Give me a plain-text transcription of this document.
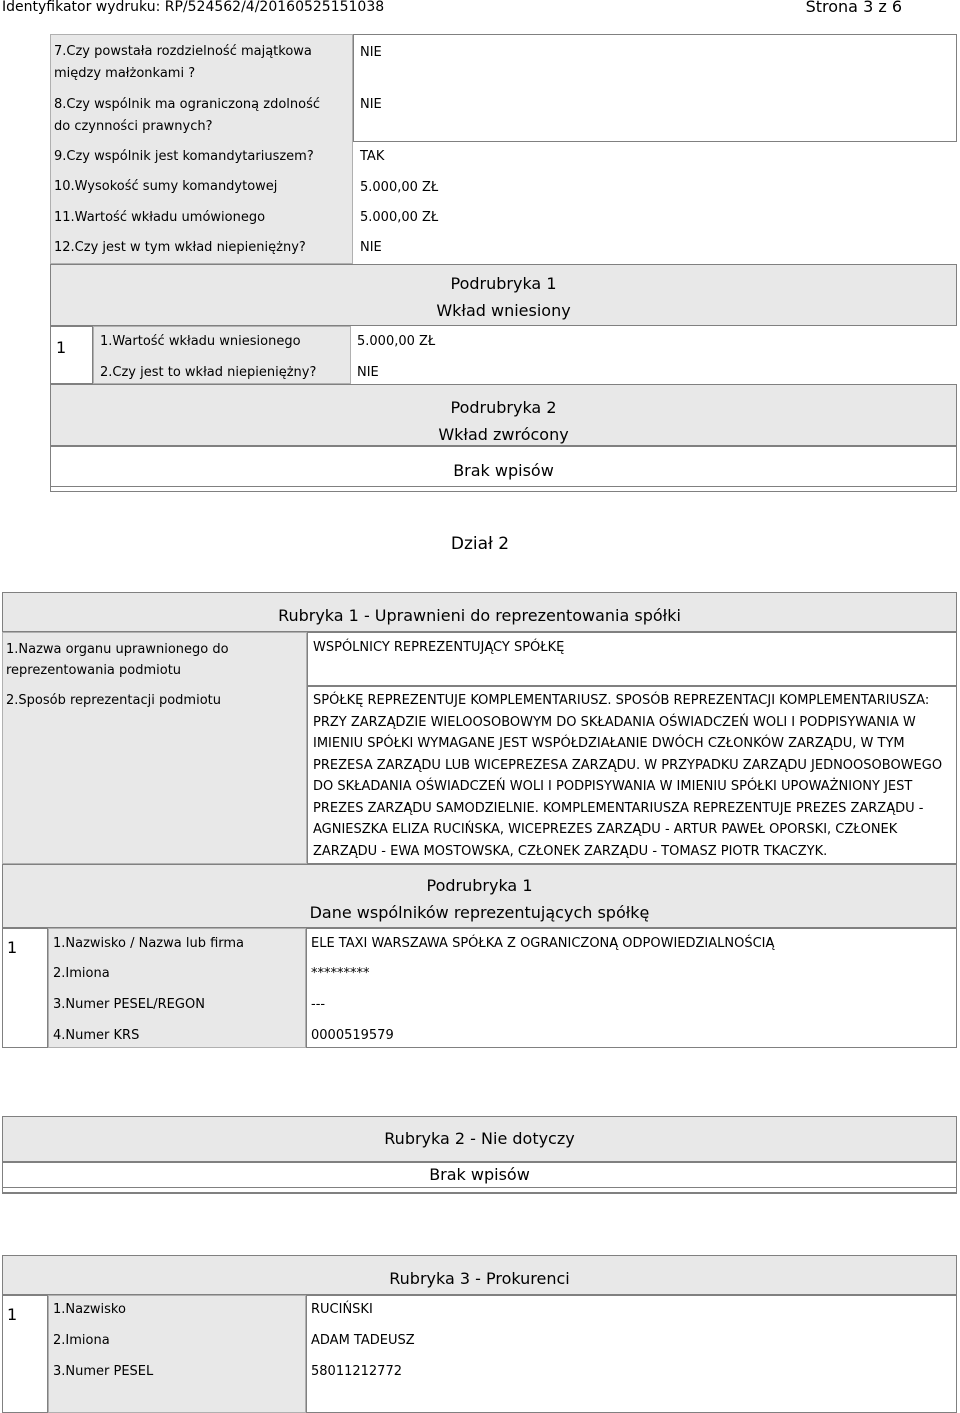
Identyfikator wydruku: RP/524562/4/20160525151038	Strona 3 z 6
7.Czy powstała rozdzielność majątkowa między małżonkami ?
NIE
8.Czy wspólnik ma ograniczoną zdolność do czynności prawnych?
NIE
9.Czy wspólnik jest komandytariuszem?	TAK
10.Wysokość sumy komandytowej	5.000,00 ZŁ
11.Wartość wkładu umówionego	5.000,00 ZŁ
12.Czy jest w tym wkład niepieniężny?	NIE
Podrubryka 1
Wkład wniesiony
1	1.Wartość wkładu wniesionego	5.000,00 ZŁ
2.Czy jest to wkład niepieniężny?	NIE
Podrubryka 2
Wkład zwrócony
Brak wpisów
Dział 2
Rubryka 1 - Uprawnieni do reprezentowania spółki
1.Nazwa organu uprawnionego do reprezentowania podmiotu
WSPÓLNICY REPREZENTUJĄCY SPÓŁKĘ
2.Sposób reprezentacji podmiotu	SPÓŁKĘ REPREZENTUJE KOMPLEMENTARIUSZ. SPOSÓB REPREZENTACJI KOMPLEMENTARIUSZA: PRZY ZARZĄDZIE WIELOOSOBOWYM DO SKŁADANIA OŚWIADCZEŃ WOLI I PODPISYWANIA W IMIENIU SPÓŁKI WYMAGANE JEST WSPÓŁDZIAŁANIE DWÓCH CZŁONKÓW ZARZĄDU, W TYM PREZESA ZARZĄDU LUB WICEPREZESA ZARZĄDU. W PRZYPADKU ZARZĄDU JEDNOOSOBOWEGO DO SKŁADANIA OŚWIADCZEŃ WOLI I PODPISYWANIA W IMIENIU SPÓŁKI UPOWAŻNIONY JEST PREZES ZARZĄDU SAMODZIELNIE. KOMPLEMENTARIUSZA REPREZENTUJE PREZES ZARZĄDU - AGNIESZKA ELIZA RUCIŃSKA, WICEPREZES ZARZĄDU - ARTUR PAWEŁ OPORSKI, CZŁONEK ZARZĄDU - EWA MOSTOWSKA, CZŁONEK ZARZĄDU - TOMASZ PIOTR TKACZYK.
Podrubryka 1
Dane wspólników reprezentujących spółkę
1	1.Nazwisko / Nazwa lub firma	ELE TAXI WARSZAWA SPÓŁKA Z OGRANICZONĄ ODPOWIEDZIALNOŚCIĄ
2.Imiona	*********
3.Numer PESEL/REGON	---
4.Numer KRS	0000519579
Rubryka 2 - Nie dotyczy
Brak wpisów
Rubryka 3 - Prokurenci
1	1.Nazwisko	RUCIŃSKI
2.Imiona	ADAM TADEUSZ
3.Numer PESEL	58011212772
